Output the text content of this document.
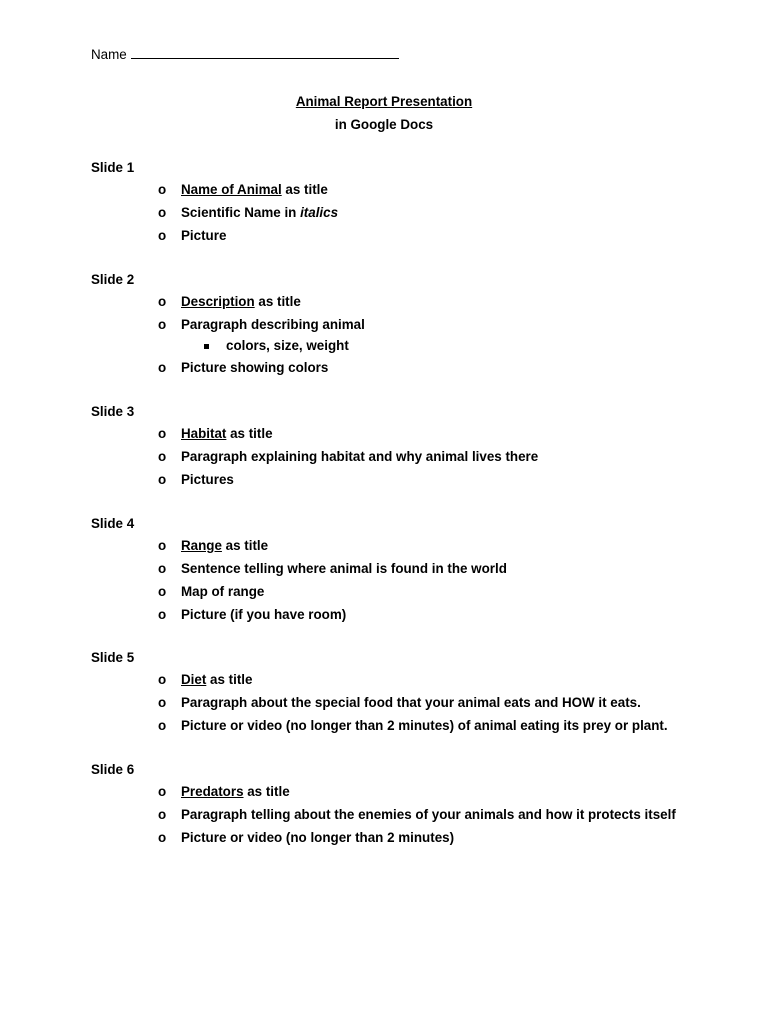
Name
Animal Report Presentation
in Google Docs
Slide 1
o Name of Animal as title
o Scientific Name in italics
o Picture
Slide 2
o Description as title
o Paragraph describing animal
colors, size, weight
o Picture showing colors
Slide 3
o Habitat as title
o Paragraph explaining habitat and why animal lives there
o Pictures
Slide 4
o Range as title
o Sentence telling where animal is found in the world
o Map of range
o Picture (if you have room)
Slide 5
o Diet as title
o Paragraph about the special food that your animal eats and HOW it eats.
o Picture or video (no longer than 2 minutes) of animal eating its prey or plant.
Slide 6
o Predators as title
o Paragraph telling about the enemies of your animals and how it protects itself
o Picture or video (no longer than 2 minutes)
